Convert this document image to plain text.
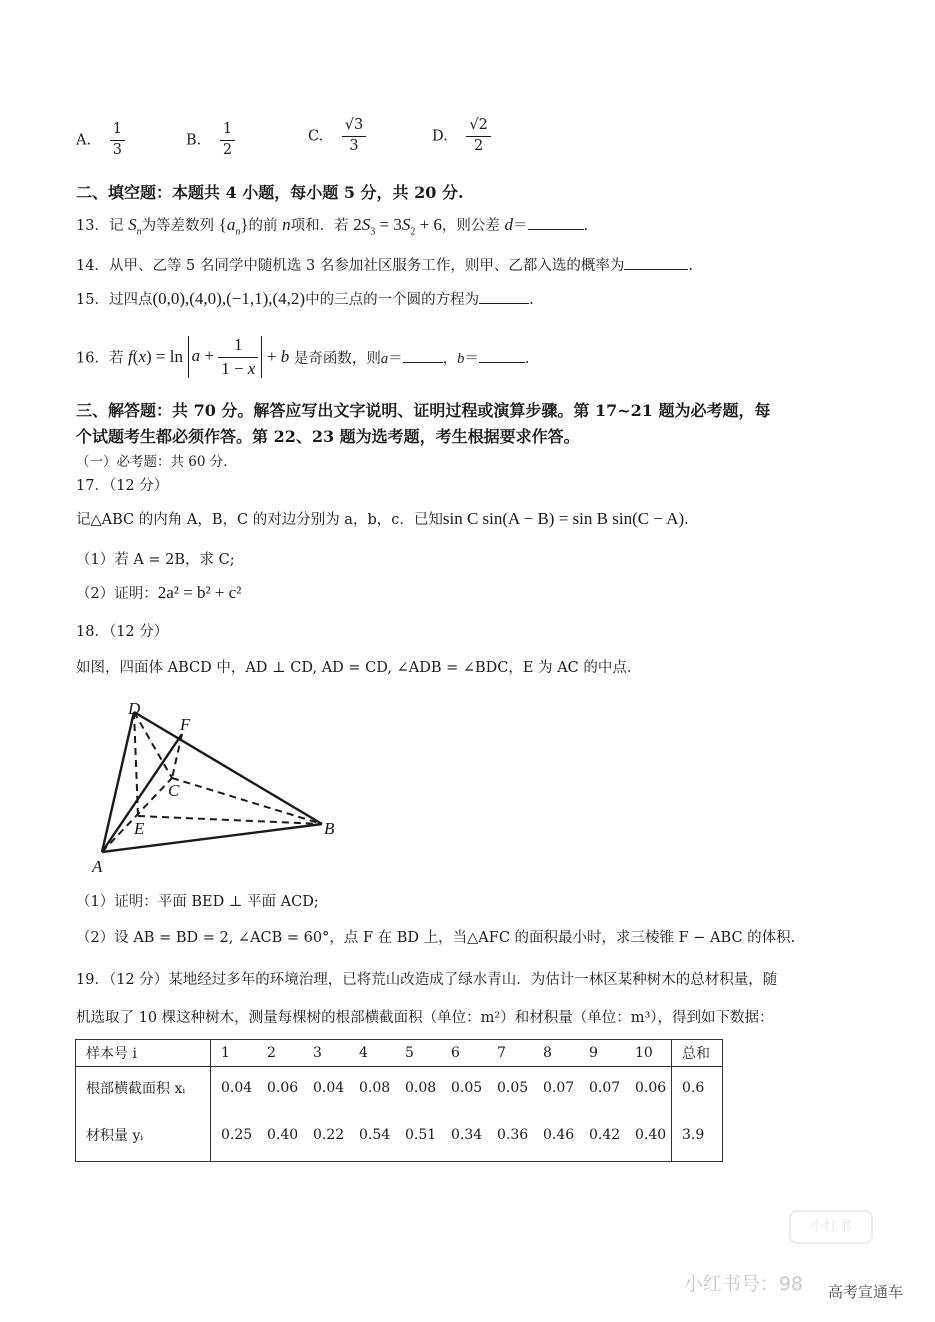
A. $\frac{1}{3}$	B. $\frac{1}{2}$	C. $\frac{√3}{3}$	D. $\frac{√2}{2}$
二、填空题：本题共 4 小题，每小题 5 分，共 20 分.
13．记 $S_n$为等差数列 $\{a_n\}$的前 n项和．若 $2S_3 = 3S_2 + 6$，则公差 d＝	.
14．从甲、乙等 5 名同学中随机选 3 名参加社区服务工作，则甲、乙都入选的概率为	.
15．过四点(0,0),(4,0),(−1,1),(4,2)中的三点的一个圆的方程为	.
16．若 $f(x) = \ln a + \frac{1}{1 - x} + b$ 是奇函数，则a＝	，b＝	.
三、解答题：共 70 分。解答应写出文字说明、证明过程或演算步骤。第 17~21 题为必考题，每
个试题考生都必须作答。第 22、23 题为选考题，考生根据要求作答。
（一）必考题：共 60 分.
17．（12 分）
记△ABC 的内角 A，B，C 的对边分别为 a，b，c．已知sin C sin(A − B) = sin B sin(C − A).
（1）若 A = 2B，求 C;
（2）证明：2a² = b² + c²
18．（12 分）
如图，四面体 ABCD 中，AD ⊥ CD, AD = CD, ∠ADB = ∠BDC，E 为 AC 的中点．
D
F
C
E
A
B
（1）证明：平面 BED ⊥ 平面 ACD;
（2）设 AB = BD = 2, ∠ACB = 60°，点 F 在 BD 上，当△AFC 的面积最小时，求三棱锥 F − ABC 的体积.
19．（12 分）某地经过多年的环境治理，已将荒山改造成了绿水青山．为估计一林区某种树木的总材积量，随
机选取了 10 棵这种树木，测量每棵树的根部横截面积（单位：m²）和材积量（单位：m³），得到如下数据：
样本号 i	1	2	3	4	5	6	7	8	9	10	总和
根部横截面积 xᵢ	0.04	0.06	0.04	0.08	0.08	0.05	0.05	0.07	0.07	0.06	0.6
材积量 yᵢ	0.25	0.40	0.22	0.54	0.51	0.34	0.36	0.46	0.42	0.40	3.9
小红书
小红书号：98 高考宣通车
